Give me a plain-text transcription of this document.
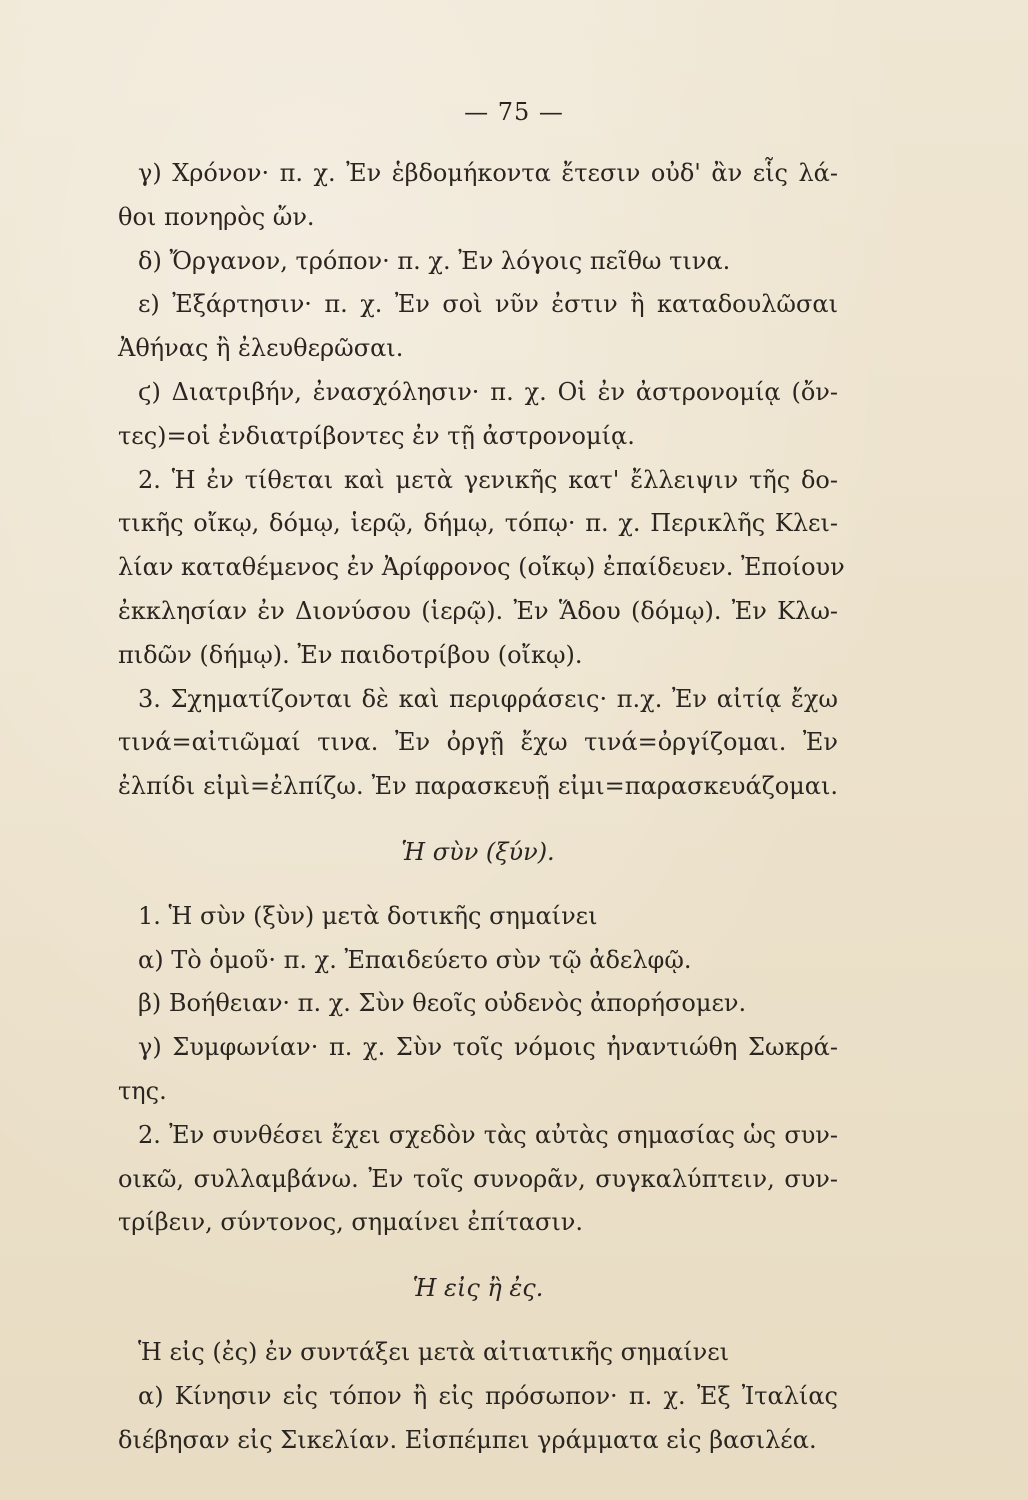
— 75 —
γ) Χρόνον· π. χ. Ἐν ἑβδομήκοντα ἔτεσιν οὐδ' ἂν εἷς λά-
θοι πονηρὸς ὤν.
δ) Ὄργανον, τρόπον· π. χ. Ἐν λόγοις πεῖθω τινα.
ε) Ἐξάρτησιν· π. χ. Ἐν σοὶ νῦν ἐστιν ἢ καταδουλῶσαι
Ἀθήνας ἢ ἐλευθερῶσαι.
ϛ) Διατριβήν, ἐνασχόλησιν· π. χ. Οἱ ἐν ἀστρονομίᾳ (ὄν-
τες)=οἱ ἐνδιατρίβοντες ἐν τῇ ἀστρονομίᾳ.
2. Ἡ ἐν τίθεται καὶ μετὰ γενικῆς κατ' ἔλλειψιν τῆς δο-
τικῆς οἴκῳ, δόμῳ, ἱερῷ, δήμῳ, τόπῳ· π. χ. Περικλῆς Κλει-
λίαν καταθέμενος ἐν Ἀρίφρονος (οἴκῳ) ἐπαίδευεν. Ἐποίουν
ἐκκλησίαν ἐν Διονύσου (ἱερῷ). Ἐν Ἅδου (δόμῳ). Ἐν Κλω-
πιδῶν (δήμῳ). Ἐν παιδοτρίβου (οἴκῳ).
3. Σχηματίζονται δὲ καὶ περιφράσεις· π.χ. Ἐν αἰτίᾳ ἔχω
τινά=αἰτιῶμαί τινα. Ἐν ὀργῇ ἔχω τινά=ὀργίζομαι. Ἐν
ἐλπίδι εἰμὶ=ἐλπίζω. Ἐν παρασκευῇ εἰμι=παρασκευάζομαι.
Ἡ σὺν (ξύν).
1. Ἡ σὺν (ξὺν) μετὰ δοτικῆς σημαίνει
α) Τὸ ὁμοῦ· π. χ. Ἐπαιδεύετο σὺν τῷ ἀδελφῷ.
β) Βοήθειαν· π. χ. Σὺν θεοῖς οὐδενὸς ἀπορήσομεν.
γ) Συμφωνίαν· π. χ. Σὺν τοῖς νόμοις ἠναντιώθη Σωκρά-
της.
2. Ἐν συνθέσει ἔχει σχεδὸν τὰς αὐτὰς σημασίας ὡς συν-
οικῶ, συλλαμβάνω. Ἐν τοῖς συνορᾶν, συγκαλύπτειν, συν-
τρίβειν, σύντονος, σημαίνει ἐπίτασιν.
Ἡ εἰς ἢ ἐς.
Ἡ εἰς (ἐς) ἐν συντάξει μετὰ αἰτιατικῆς σημαίνει
α) Κίνησιν εἰς τόπον ἢ εἰς πρόσωπον· π. χ. Ἐξ Ἰταλίας
διέβησαν εἰς Σικελίαν. Εἰσπέμπει γράμματα εἰς βασιλέα.
